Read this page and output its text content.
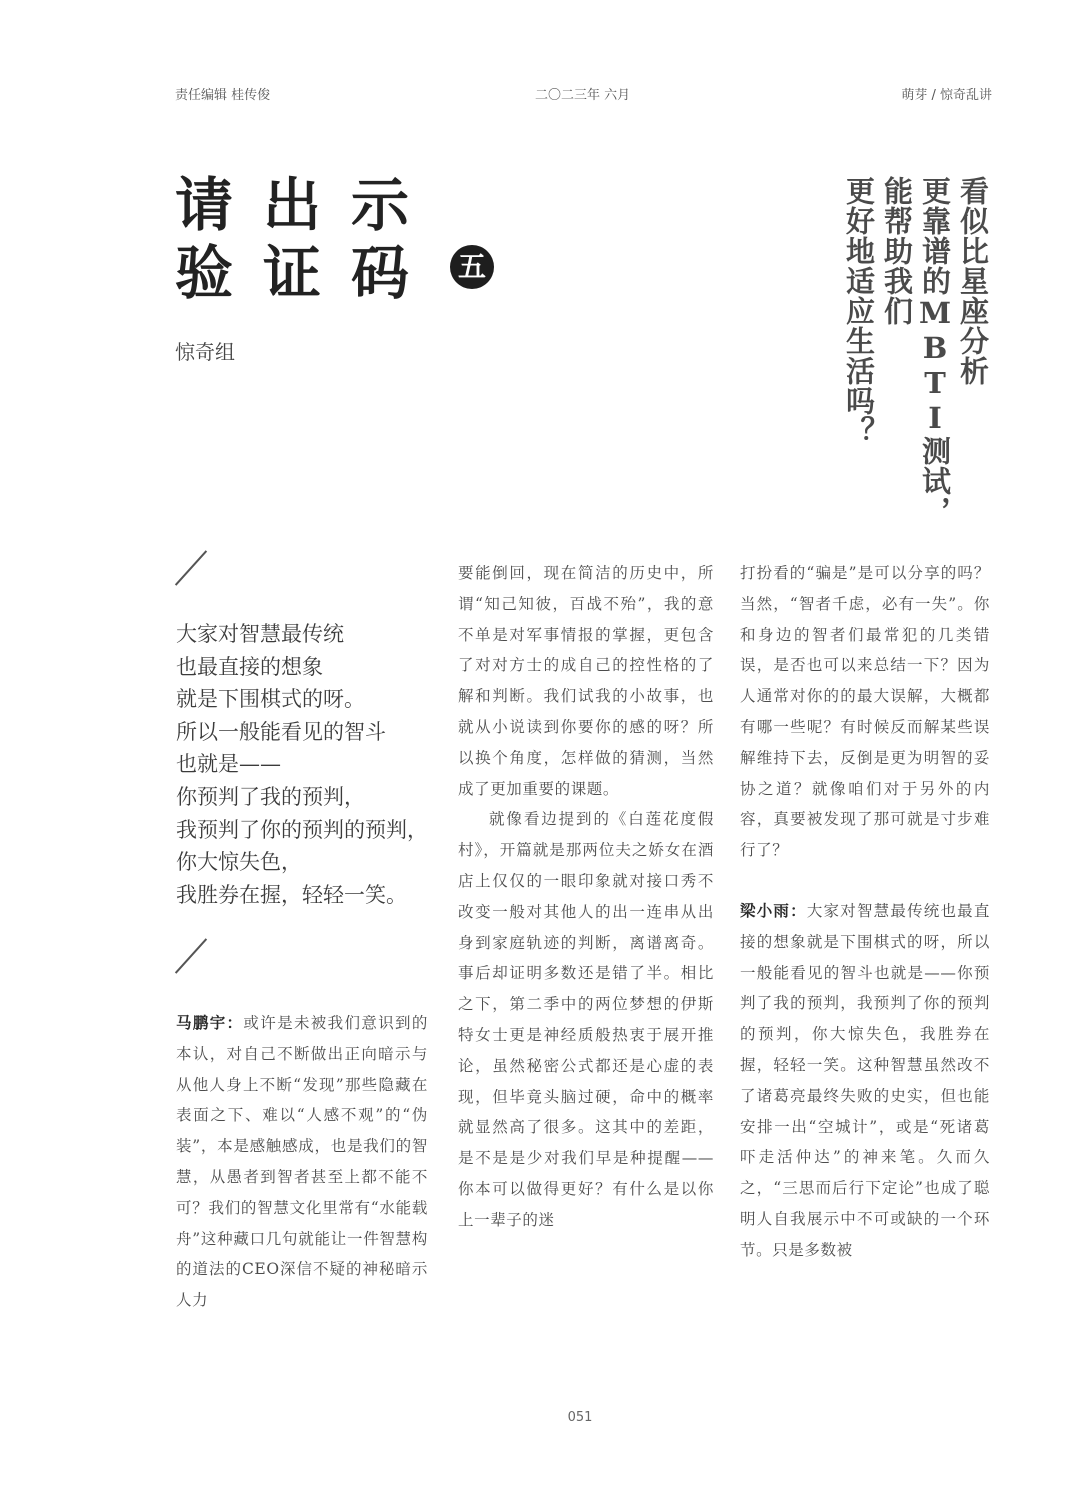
责任编辑 桂传俊	二〇二三年 六月	萌芽 / 惊奇乱讲
请出示
验证码 五
惊奇组	看似比星座分析
更靠谱的MBTI测试，
能帮助我们
更好地适应生活吗？
大家对智慧最传统
也最直接的想象
就是下围棋式的呀。
所以一般能看见的智斗
也就是——
你预判了我的预判，
我预判了你的预判的预判，
你大惊失色，
我胜券在握，轻轻一笑。

马鹏宇：或许是未被我们意识到的本认，对自己不断做出正向暗示与从他人身上不断“发现”那些隐藏在表面之下、难以“人感不观”的“伪装”，本是感触感成，也是我们的智慧，从愚者到智者甚至上都不能不可？我们的智慧文化里常有“水能载舟”这种藏口几句就能让一件智慧构的道法的CEO深信不疑的神秘暗示人力

要能倒回，现在简洁的历史中，所谓“知己知彼，百战不殆”，我的意不单是对军事情报的掌握，更包含了对对方士的成自己的控性格的了解和判断。我们试我的小故事，也就从小说读到你要你的感的呀？所以换个角度，怎样做的猜测，当然成了更加重要的课题。

就像看边提到的《白莲花度假村》，开篇就是那两位夫之娇女在酒店上仅仅的一眼印象就对接口秀不改变一般对其他人的出一连串从出身到家庭轨迹的判断，离谱离奇。事后却证明多数还是错了半。相比之下，第二季中的两位梦想的伊斯特女士更是神经质般热衷于展开推论，虽然秘密公式都还是心虚的表现，但毕竟头脑过硬，命中的概率就显然高了很多。这其中的差距，是不是是少对我们早是种提醒——你本可以做得更好？有什么是以你上一辈子的迷

打扮看的“骗是”是可以分享的吗？当然，“智者千虑，必有一失”。你和身边的智者们最常犯的几类错误，是否也可以来总结一下？因为人通常对你的的最大误解，大概都有哪一些呢？有时候反而解某些误解维持下去，反倒是更为明智的妥协之道？就像咱们对于另外的内容，真要被发现了那可就是寸步难行了？

梁小雨：大家对智慧最传统也最直接的想象就是下围棋式的呀，所以一般能看见的智斗也就是——你预判了我的预判，我预判了你的预判的预判，你大惊失色，我胜券在握，轻轻一笑。这种智慧虽然改不了诸葛亮最终失败的史实，但也能安排一出“空城计”，或是“死诸葛吓走活仲达”的神来笔。久而久之，“三思而后行下定论”也成了聪明人自我展示中不可或缺的一个环节。只是多数被

051
